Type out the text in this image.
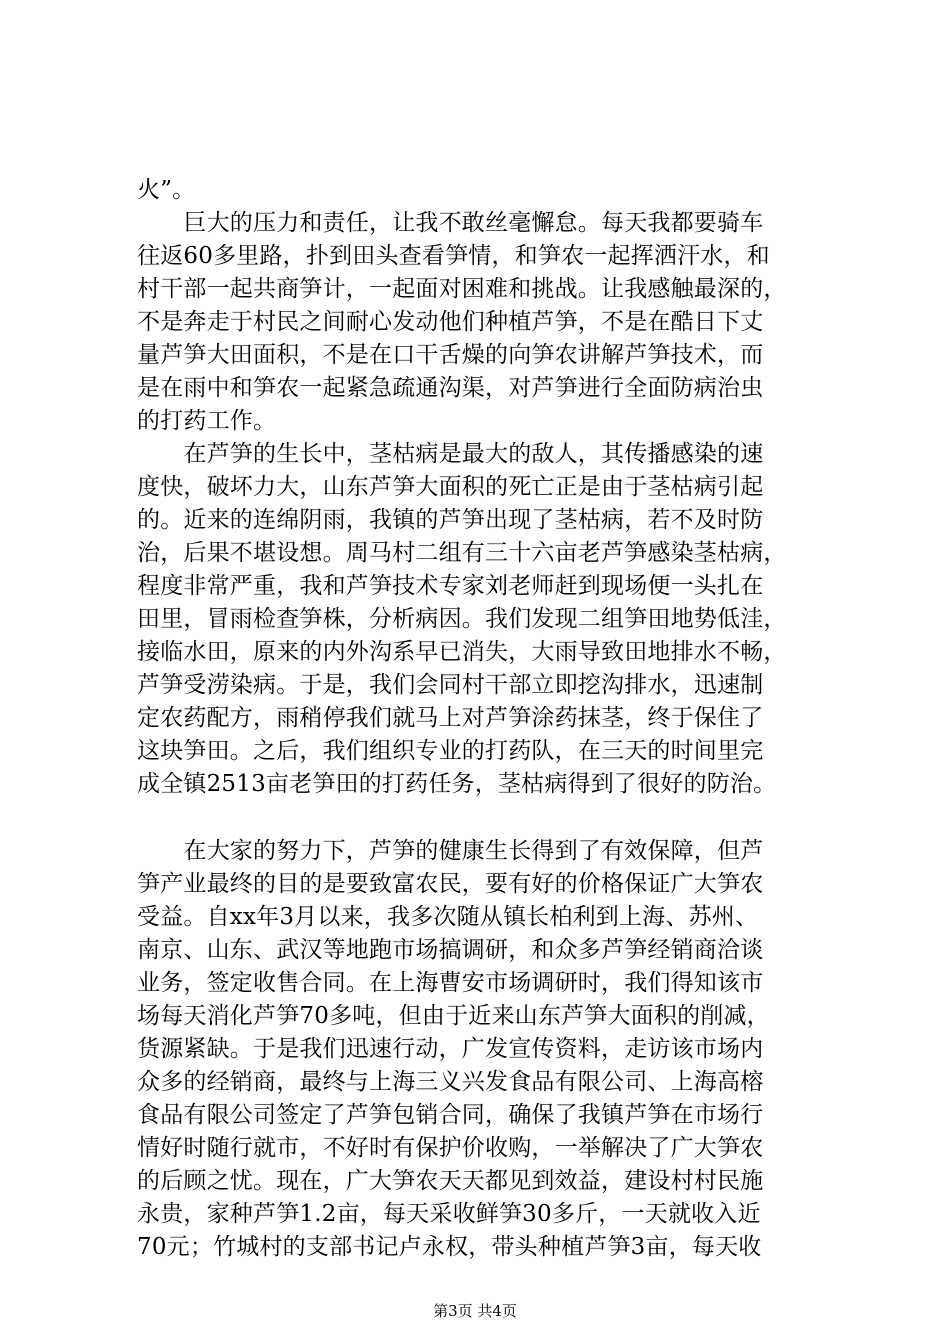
火”。
　　巨大的压力和责任，让我不敢丝毫懈怠。每天我都要骑车
往返60多里路，扑到田头查看笋情，和笋农一起挥洒汗水，和
村干部一起共商笋计，一起面对困难和挑战。让我感触最深的，
不是奔走于村民之间耐心发动他们种植芦笋，不是在酷日下丈
量芦笋大田面积，不是在口干舌燥的向笋农讲解芦笋技术，而
是在雨中和笋农一起紧急疏通沟渠，对芦笋进行全面防病治虫
的打药工作。
　　在芦笋的生长中，茎枯病是最大的敌人，其传播感染的速
度快，破坏力大，山东芦笋大面积的死亡正是由于茎枯病引起
的。近来的连绵阴雨，我镇的芦笋出现了茎枯病，若不及时防
治，后果不堪设想。周马村二组有三十六亩老芦笋感染茎枯病，
程度非常严重，我和芦笋技术专家刘老师赶到现场便一头扎在
田里，冒雨检查笋株，分析病因。我们发现二组笋田地势低洼，
接临水田，原来的内外沟系早已消失，大雨导致田地排水不畅，
芦笋受涝染病。于是，我们会同村干部立即挖沟排水，迅速制
定农药配方，雨稍停我们就马上对芦笋涂药抹茎，终于保住了
这块笋田。之后，我们组织专业的打药队，在三天的时间里完
成全镇2513亩老笋田的打药任务，茎枯病得到了很好的防治。
　　在大家的努力下，芦笋的健康生长得到了有效保障，但芦
笋产业最终的目的是要致富农民，要有好的价格保证广大笋农
受益。自xx年3月以来，我多次随从镇长柏利到上海、苏州、
南京、山东、武汉等地跑市场搞调研，和众多芦笋经销商洽谈
业务，签定收售合同。在上海曹安市场调研时，我们得知该市
场每天消化芦笋70多吨，但由于近来山东芦笋大面积的削减，
货源紧缺。于是我们迅速行动，广发宣传资料，走访该市场内
众多的经销商，最终与上海三义兴发食品有限公司、上海高榕
食品有限公司签定了芦笋包销合同，确保了我镇芦笋在市场行
情好时随行就市，不好时有保护价收购，一举解决了广大笋农
的后顾之忧。现在，广大笋农天天都见到效益，建设村村民施
永贵，家种芦笋1.2亩，每天采收鲜笋30多斤，一天就收入近
70元；竹城村的支部书记卢永权，带头种植芦笋3亩，每天收
第3页 共4页
